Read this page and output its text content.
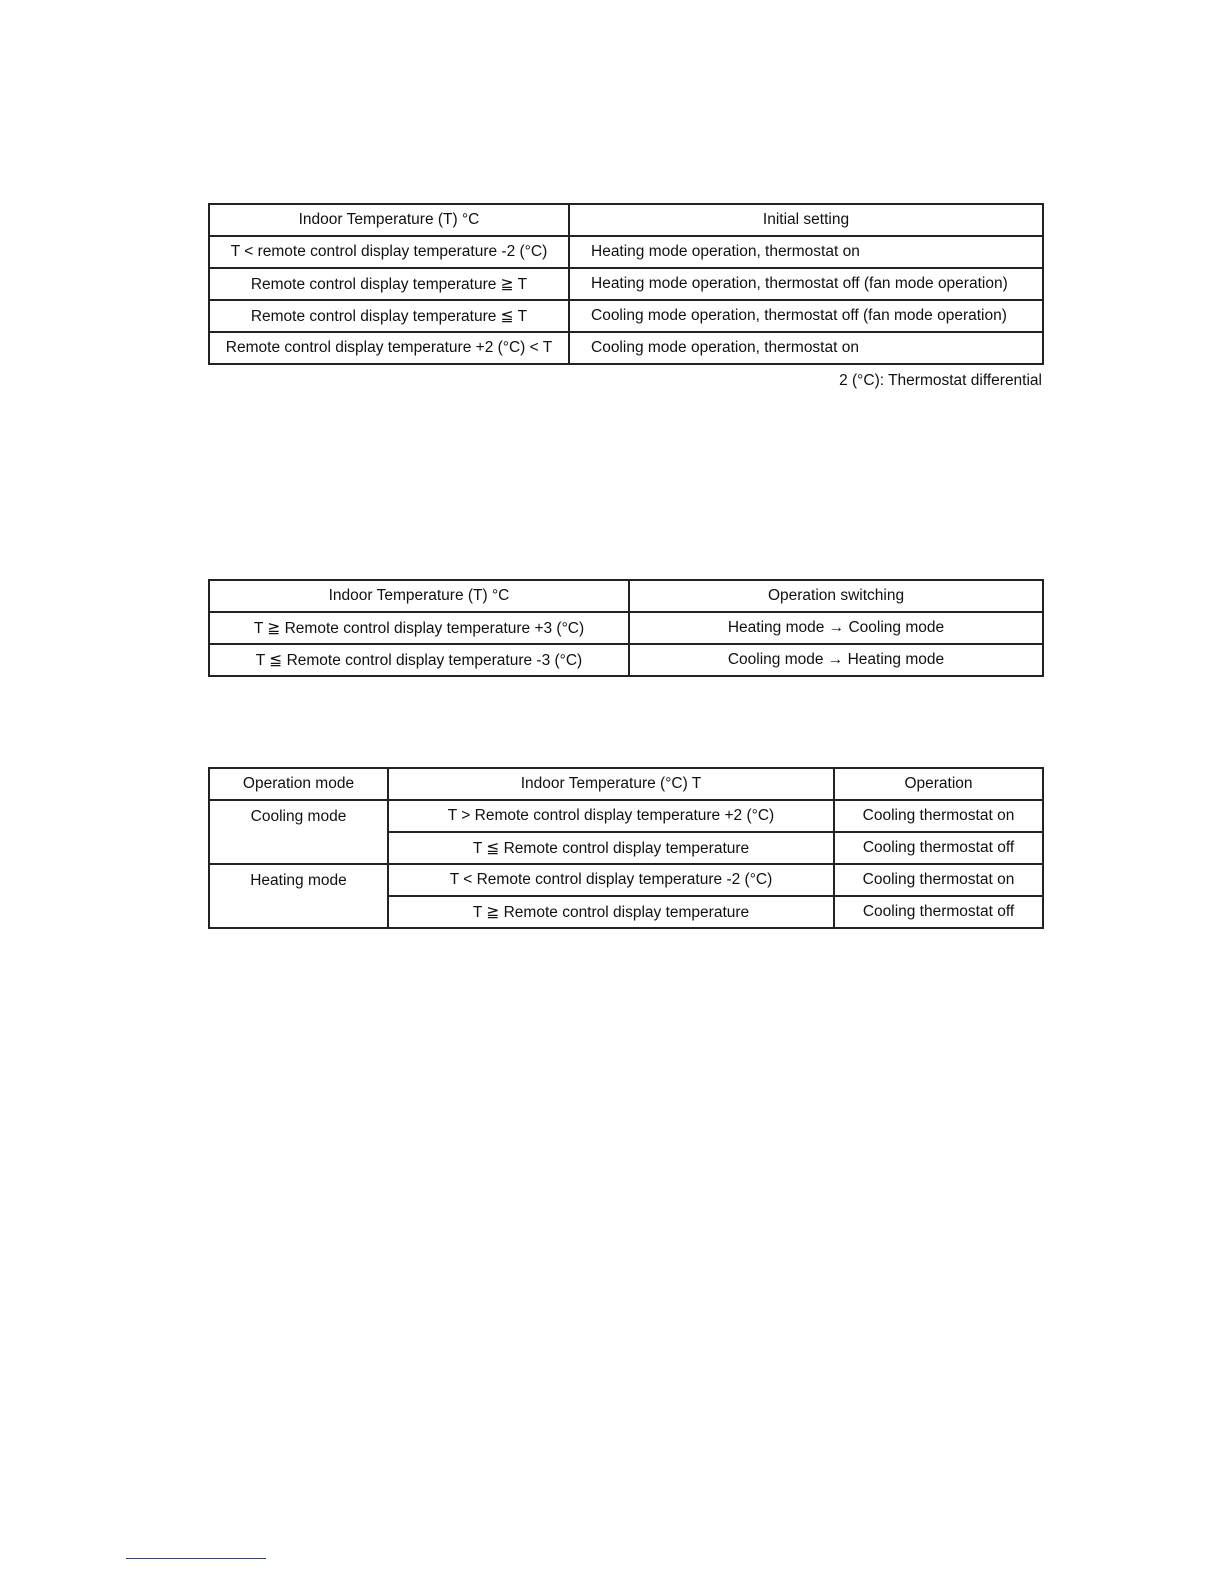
Indoor Temperature (T) °C	Initial setting
T < remote control display temperature -2 (°C)	Heating mode operation, thermostat on
Remote control display temperature ≧ T	Heating mode operation, thermostat off (fan mode operation)
Remote control display temperature ≦ T	Cooling mode operation, thermostat off (fan mode operation)
Remote control display temperature +2 (°C) < T	Cooling mode operation, thermostat on
2 (°C): Thermostat differential
Indoor Temperature (T) °C	Operation switching
T ≧ Remote control display temperature +3 (°C)	Heating mode → Cooling mode
T ≦ Remote control display temperature -3 (°C)	Cooling mode → Heating mode
Operation mode	Indoor Temperature (°C) T	Operation
Cooling mode	T > Remote control display temperature +2 (°C)	Cooling thermostat on
	T ≦ Remote control display temperature	Cooling thermostat off
Heating mode	T < Remote control display temperature -2 (°C)	Cooling thermostat on
	T ≧ Remote control display temperature	Cooling thermostat off
